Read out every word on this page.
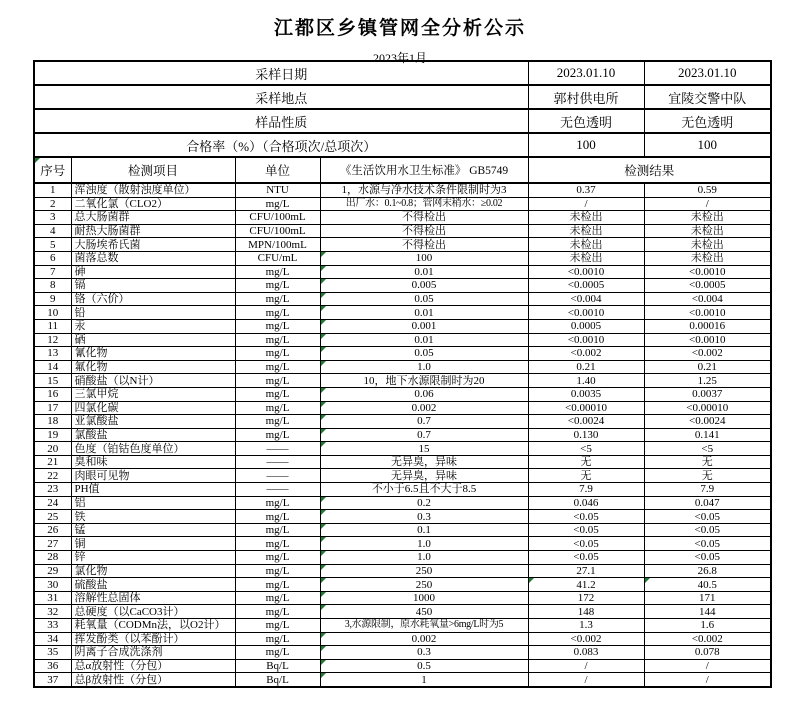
江都区乡镇管网全分析公示
2023年1月
采样日期				2023.01.10	2023.01.10
采样地点				郭村供电所	宜陵交警中队
样品性质				无色透明	无色透明
合格率（%）（合格项次/总项次）				100	100
序号	检测项目	单位	《生活饮用水卫生标准》 GB5749	检测结果	
1	浑浊度（散射浊度单位）	NTU	1，水源与净水技术条件限制时为3	0.37	0.59
2	二氧化氯（CLO2）	mg/L	出厂水：0.1~0.8；管网末稍水：≥0.02	/	/
3	总大肠菌群	CFU/100mL	不得检出	未检出	未检出
4	耐热大肠菌群	CFU/100mL	不得检出	未检出	未检出
5	大肠埃希氏菌	MPN/100mL	不得检出	未检出	未检出
6	菌落总数	CFU/mL	100	未检出	未检出
7	砷	mg/L	0.01	<0.0010	<0.0010
8	镉	mg/L	0.005	<0.0005	<0.0005
9	铬（六价）	mg/L	0.05	<0.004	<0.004
10	铅	mg/L	0.01	<0.0010	<0.0010
11	汞	mg/L	0.001	0.0005	0.00016
12	硒	mg/L	0.01	<0.0010	<0.0010
13	氰化物	mg/L	0.05	<0.002	<0.002
14	氟化物	mg/L	1.0	0.21	0.21
15	硝酸盐（以N计）	mg/L	10，地下水源限制时为20	1.40	1.25
16	三氯甲烷	mg/L	0.06	0.0035	0.0037
17	四氯化碳	mg/L	0.002	<0.00010	<0.00010
18	亚氯酸盐	mg/L	0.7	<0.0024	<0.0024
19	氯酸盐	mg/L	0.7	0.130	0.141
20	色度（铂钴色度单位）	——	15	<5	<5
21	臭和味	——	无异臭，异味	无	无
22	肉眼可见物	——	无异臭，异味	无	无
23	PH值	——	不小于6.5且不大于8.5	7.9	7.9
24	铝	mg/L	0.2	0.046	0.047
25	铁	mg/L	0.3	<0.05	<0.05
26	锰	mg/L	0.1	<0.05	<0.05
27	铜	mg/L	1.0	<0.05	<0.05
28	锌	mg/L	1.0	<0.05	<0.05
29	氯化物	mg/L	250	27.1	26.8
30	硫酸盐	mg/L	250	41.2	40.5
31	溶解性总固体	mg/L	1000	172	171
32	总硬度（以CaCO3计）	mg/L	450	148	144
33	耗氧量（CODMn法，以O2计）	mg/L	3,水源限制，原水耗氧量>6mg/L时为5	1.3	1.6
34	挥发酚类（以苯酚计）	mg/L	0.002	<0.002	<0.002
35	阴离子合成洗涤剂	mg/L	0.3	0.083	0.078
36	总α放射性（分包）	Bq/L	0.5	/	/
37	总β放射性（分包）	Bq/L	1	/	/
